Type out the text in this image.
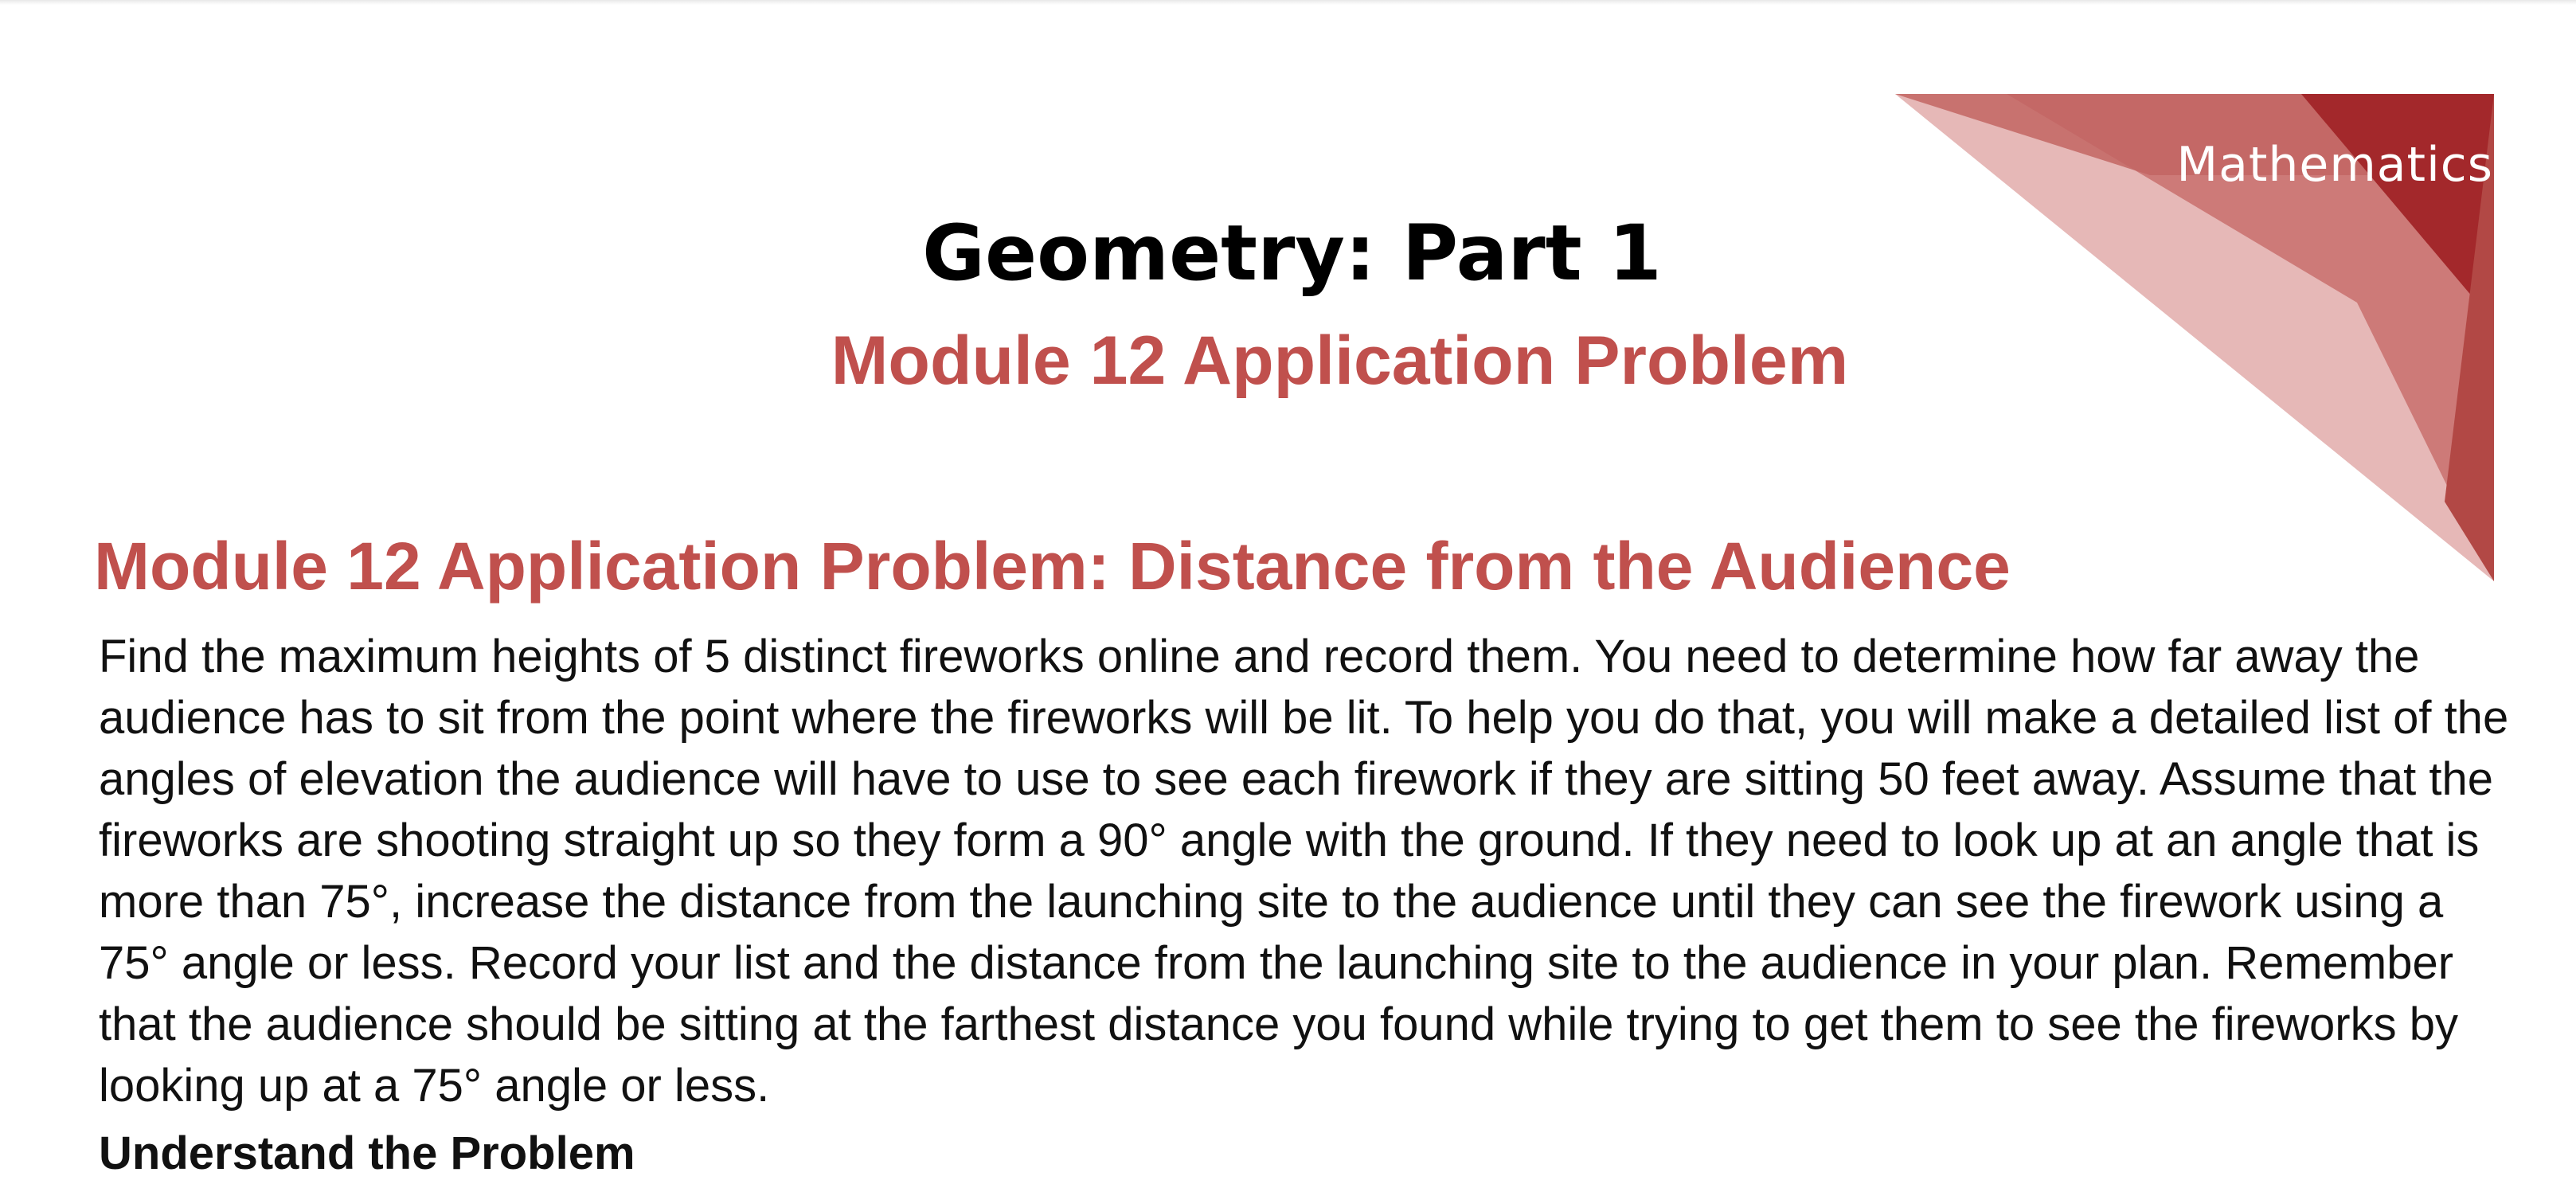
Mathematics
Geometry: Part 1
Module 12 Application Problem
Module 12 Application Problem: Distance from the Audience

Find the maximum heights of 5 distinct fireworks online and record them. You need to determine how far away the audience has to sit from the point where the fireworks will be lit. To help you do that, you will make a detailed list of the angles of elevation the audience will have to use to see each firework if they are sitting 50 feet away. Assume that the fireworks are shooting straight up so they form a 90° angle with the ground. If they need to look up at an angle that is more than 75°, increase the distance from the launching site to the audience until they can see the firework using a 75° angle or less. Record your list and the distance from the launching site to the audience in your plan. Remember that the audience should be sitting at the farthest distance you found while trying to get them to see the fireworks by looking up at a 75° angle or less.

Understand the Problem
